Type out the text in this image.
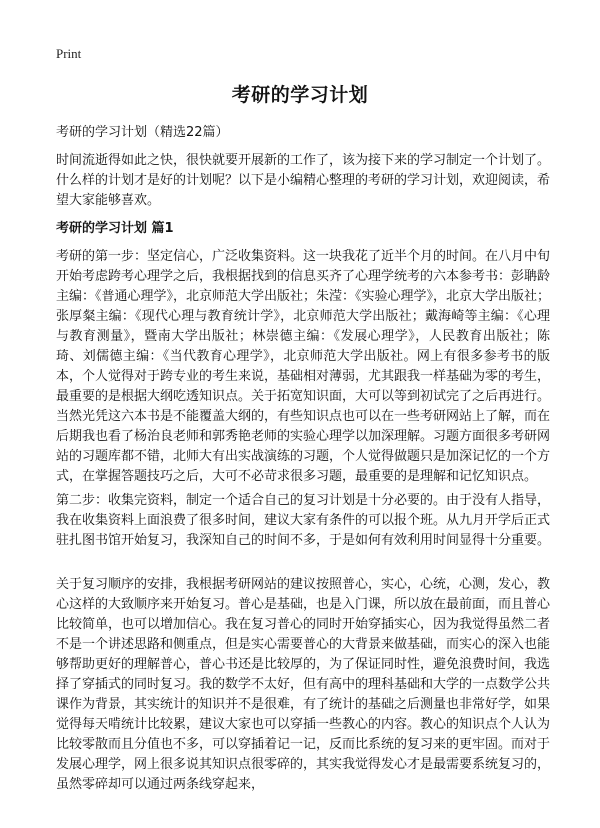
Print
考研的学习计划
考研的学习计划（精选22篇）
时间流逝得如此之快，很快就要开展新的工作了，该为接下来的学习制定一个计划了。什么样的计划才是好的计划呢？以下是小编精心整理的考研的学习计划，欢迎阅读，希望大家能够喜欢。
考研的学习计划 篇1
考研的第一步：坚定信心，广泛收集资料。这一块我花了近半个月的时间。在八月中旬开始考虑跨考心理学之后，我根据找到的信息买齐了心理学统考的六本参考书：彭聃龄主编：《普通心理学》，北京师范大学出版社；朱滢：《实验心理学》，北京大学出版社；张厚粲主编：《现代心理与教育统计学》，北京师范大学出版社；戴海崎等主编：《心理与教育测量》，暨南大学出版社；林崇德主编：《发展心理学》，人民教育出版社；陈琦、刘儒德主编：《当代教育心理学》，北京师范大学出版社。网上有很多参考书的版本，个人觉得对于跨专业的考生来说，基础相对薄弱，尤其跟我一样基础为零的考生，最重要的是根据大纲吃透知识点。关于拓宽知识面，大可以等到初试完了之后再进行。当然光凭这六本书是不能覆盖大纲的，有些知识点也可以在一些考研网站上了解，而在后期我也看了杨治良老师和郭秀艳老师的实验心理学以加深理解。习题方面很多考研网站的习题库都不错，北师大有出实战演练的习题，个人觉得做题只是加深记忆的一个方式，在掌握答题技巧之后，大可不必苛求很多习题，最重要的是理解和记忆知识点。
第二步：收集完资料，制定一个适合自己的复习计划是十分必要的。由于没有人指导，我在收集资料上面浪费了很多时间，建议大家有条件的可以报个班。从九月开学后正式驻扎图书馆开始复习，我深知自己的时间不多，于是如何有效利用时间显得十分重要。
关于复习顺序的安排，我根据考研网站的建议按照普心，实心，心统，心测，发心，教心这样的大致顺序来开始复习。普心是基础，也是入门课，所以放在最前面，而且普心比较简单，也可以增加信心。我在复习普心的同时开始穿插实心，因为我觉得虽然二者不是一个讲述思路和侧重点，但是实心需要普心的大背景来做基础，而实心的深入也能够帮助更好的理解普心，普心书还是比较厚的，为了保证同时性，避免浪费时间，我选择了穿插式的同时复习。我的数学不太好，但有高中的理科基础和大学的一点数学公共课作为背景，其实统计的知识并不是很难，有了统计的基础之后测量也非常好学，如果觉得每天啃统计比较累，建议大家也可以穿插一些教心的内容。教心的知识点个人认为比较零散而且分值也不多，可以穿插着记一记，反而比系统的复习来的更牢固。而对于发展心理学，网上很多说其知识点很零碎的，其实我觉得发心才是最需要系统复习的，虽然零碎却可以通过两条线穿起来，
